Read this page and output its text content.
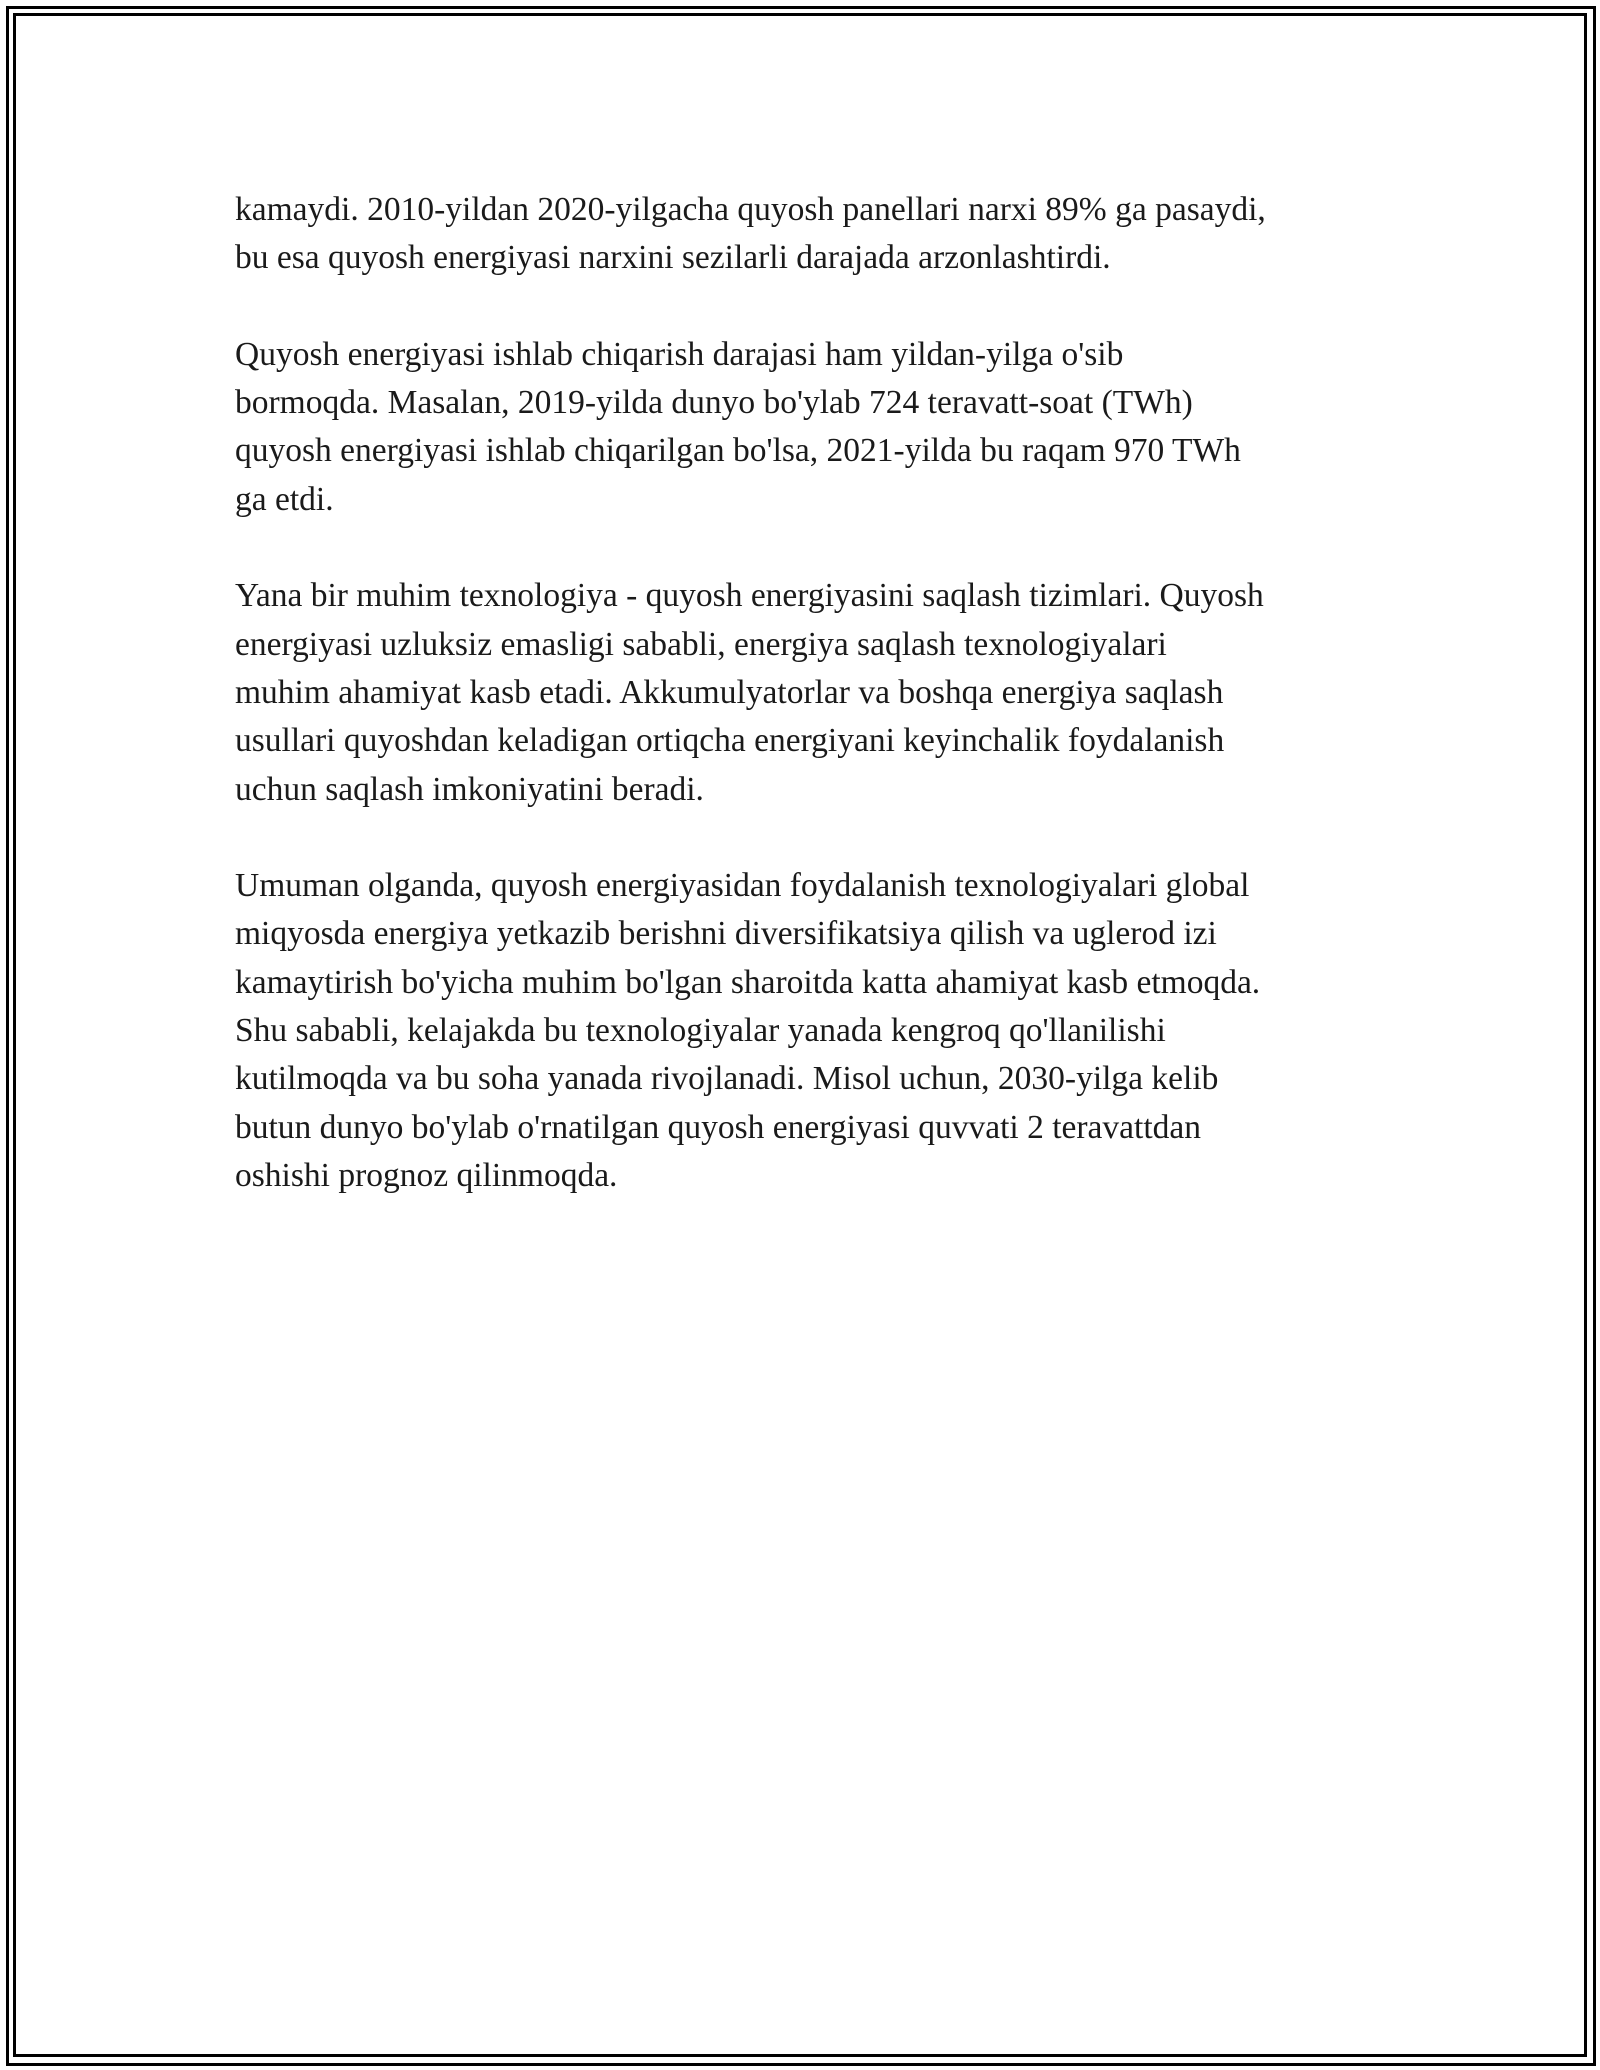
kamaydi. 2010-yildan 2020-yilgacha quyosh panellari narxi 89% ga pasaydi,
bu esa quyosh energiyasi narxini sezilarli darajada arzonlashtirdi.

Quyosh energiyasi ishlab chiqarish darajasi ham yildan-yilga o'sib
bormoqda. Masalan, 2019-yilda dunyo bo'ylab 724 teravatt-soat (TWh)
quyosh energiyasi ishlab chiqarilgan bo'lsa, 2021-yilda bu raqam 970 TWh
ga etdi.

Yana bir muhim texnologiya - quyosh energiyasini saqlash tizimlari. Quyosh
energiyasi uzluksiz emasligi sababli, energiya saqlash texnologiyalari
muhim ahamiyat kasb etadi. Akkumulyatorlar va boshqa energiya saqlash
usullari quyoshdan keladigan ortiqcha energiyani keyinchalik foydalanish
uchun saqlash imkoniyatini beradi.

Umuman olganda, quyosh energiyasidan foydalanish texnologiyalari global
miqyosda energiya yetkazib berishni diversifikatsiya qilish va uglerod izi
kamaytirish bo'yicha muhim bo'lgan sharoitda katta ahamiyat kasb etmoqda.
Shu sababli, kelajakda bu texnologiyalar yanada kengroq qo'llanilishi
kutilmoqda va bu soha yanada rivojlanadi. Misol uchun, 2030-yilga kelib
butun dunyo bo'ylab o'rnatilgan quyosh energiyasi quvvati 2 teravattdan
oshishi prognoz qilinmoqda.
